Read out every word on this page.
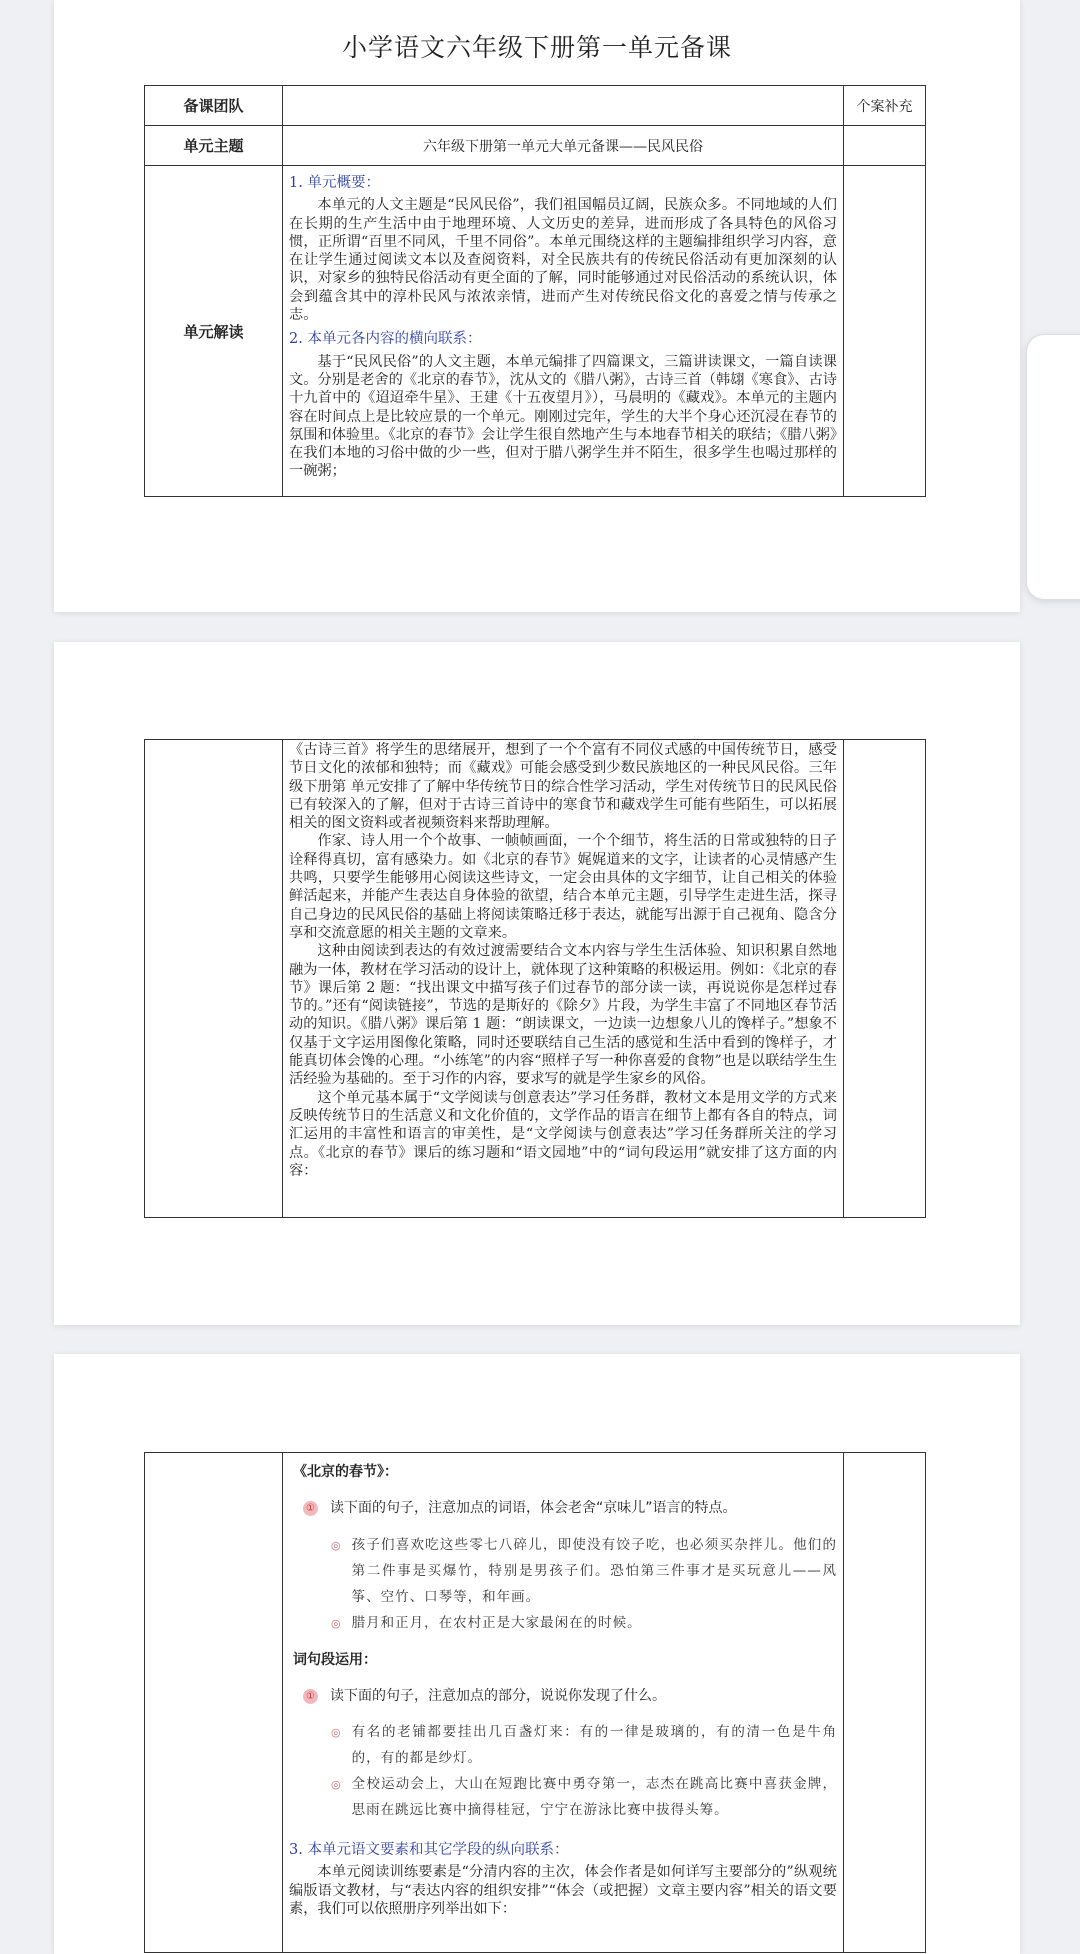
小学语文六年级下册第一单元备课
备课团队		个案补充
单元主题	六年级下册第一单元大单元备课——民风民俗	
单元解读	1. 单元概要：

本单元的人文主题是“民风民俗”，我们祖国幅员辽阔，民族众多。不同地域的人们在长期的生产生活中由于地理环境、人文历史的差异，进而形成了各具特色的风俗习惯，正所谓“百里不同风，千里不同俗”。本单元围绕这样的主题编排组织学习内容，意在让学生通过阅读文本以及查阅资料，对全民族共有的传统民俗活动有更加深刻的认识，对家乡的独特民俗活动有更全面的了解，同时能够通过对民俗活动的系统认识，体会到蕴含其中的淳朴民风与浓浓亲情，进而产生对传统民俗文化的喜爱之情与传承之志。

2. 本单元各内容的横向联系：

基于“民风民俗”的人文主题，本单元编排了四篇课文，三篇讲读课文，一篇自读课文。分别是老舍的《北京的春节》，沈从文的《腊八粥》，古诗三首（韩翃《寒食》、古诗十九首中的《迢迢牵牛星》、王建《十五夜望月》），马晨明的《藏戏》。本单元的主题内容在时间点上是比较应景的一个单元。刚刚过完年，学生的大半个身心还沉浸在春节的氛围和体验里。《北京的春节》会让学生很自然地产生与本地春节相关的联结；《腊八粥》在我们本地的习俗中做的少一些，但对于腊八粥学生并不陌生，很多学生也喝过那样的一碗粥；	

《古诗三首》将学生的思绪展开，想到了一个个富有不同仪式感的中国传统节日，感受节日文化的浓郁和独特；而《藏戏》可能会感受到少数民族地区的一种民风民俗。三年级下册第 单元安排了了解中华传统节日的综合性学习活动，学生对传统节日的民风民俗已有较深入的了解，但对于古诗三首诗中的寒食节和藏戏学生可能有些陌生，可以拓展相关的图文资料或者视频资料来帮助理解。

作家、诗人用一个个故事、一帧帧画面，一个个细节，将生活的日常或独特的日子诠释得真切，富有感染力。如《北京的春节》娓娓道来的文字，让读者的心灵情感产生共鸣，只要学生能够用心阅读这些诗文，一定会由具体的文字细节，让自己相关的体验鲜活起来，并能产生表达自身体验的欲望，结合本单元主题，引导学生走进生活，探寻自己身边的民风民俗的基础上将阅读策略迁移于表达，就能写出源于自己视角、隐含分享和交流意愿的相关主题的文章来。

这种由阅读到表达的有效过渡需要结合文本内容与学生生活体验、知识积累自然地融为一体，教材在学习活动的设计上，就体现了这种策略的积极运用。例如：《北京的春节》课后第 2 题：“找出课文中描写孩子们过春节的部分读一读，再说说你是怎样过春节的。”还有“阅读链接”，节选的是斯好的《除夕》片段，为学生丰富了不同地区春节活动的知识。《腊八粥》课后第 1 题：“朗读课文，一边读一边想象八儿的馋样子。”想象不仅基于文字运用图像化策略，同时还要联结自己生活的感觉和生活中看到的馋样子，才能真切体会馋的心理。“小练笔”的内容“照样子写一种你喜爱的食物”也是以联结学生生活经验为基础的。至于习作的内容，要求写的就是学生家乡的风俗。

这个单元基本属于“文学阅读与创意表达”学习任务群，教材文本是用文学的方式来反映传统节日的生活意义和文化价值的，文学作品的语言在细节上都有各自的特点，词汇运用的丰富性和语言的审美性，是“文学阅读与创意表达”学习任务群所关注的学习点。《北京的春节》课后的练习题和“语文园地”中的“词句段运用”就安排了这方面的内容：

《北京的春节》：
① 读下面的句子，注意加点的词语，体会老舍“京味儿”语言的特点。
◎ 孩子们喜欢吃这些零七八碎儿，即使没有饺子吃，也必须买杂拌儿。他们的第二件事是买爆竹，特别是男孩子们。恐怕第三件事才是买玩意儿——风筝、空竹、口琴等，和年画。
◎ 腊月和正月，在农村正是大家最闲在的时候。
词句段运用：
① 读下面的句子，注意加点的部分，说说你发现了什么。
◎ 有名的老铺都要挂出几百盏灯来：有的一律是玻璃的，有的清一色是牛角的，有的都是纱灯。
◎ 全校运动会上，大山在短跑比赛中勇夺第一，志杰在跳高比赛中喜获金牌，思雨在跳远比赛中摘得桂冠，宁宁在游泳比赛中拔得头筹。
3. 本单元语文要素和其它学段的纵向联系：

本单元阅读训练要素是“分清内容的主次，体会作者是如何详写主要部分的”纵观统编版语文教材，与“表达内容的组织安排”“体会（或把握）文章主要内容”相关的语文要素，我们可以依照册序列举出如下：
